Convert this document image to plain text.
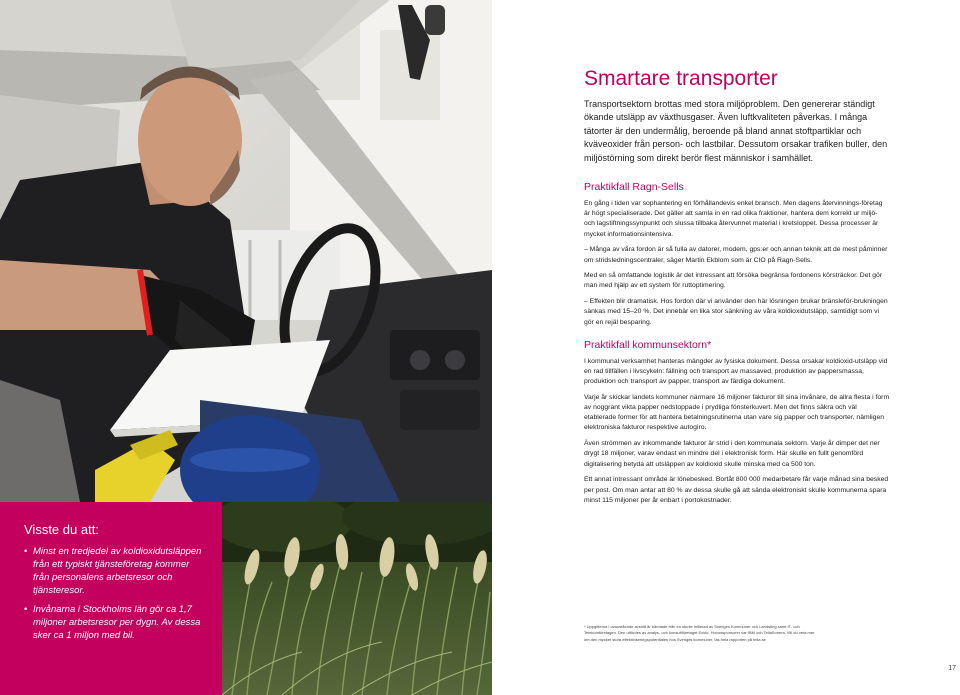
Visste du att:
• Minst en tredjedel av koldioxidutsläppen från ett typiskt tjänsteföretag kommer från personalens arbetsresor och tjänsteresor.
• Invånarna i Stockholms län gör ca 1,7 miljoner arbetsresor per dygn. Av dessa sker ca 1 miljon med bil.
Smartare transporter

Transportsektorn brottas med stora miljöproblem. Den genererar ständigt ökande utsläpp av växthusgaser. Även luftkvaliteten påverkas. I många tätorter är den undermålig, beroende på bland annat stoftpartiklar och kväveoxider från person- och lastbilar. Dessutom orsakar trafiken buller, den miljöstörning som direkt berör flest människor i samhället.

Praktikfall Ragn-Sells

En gång i tiden var sophantering en förhållandevis enkel bransch. Men dagens återvinnings-företag är högt specialiserade. Det gäller att samla in en rad olika fraktioner, hantera dem korrekt ur miljö- och lagstiftningssynpunkt och slussa tillbaka återvunnet material i kretsloppet. Dessa processer är mycket informationsintensiva.

– Många av våra fordon är så fulla av datorer, modem, gps:er och annan teknik att de mest påminner om stridsledningscentraler, säger Martin Ekblom som är CIO på Ragn-Sells.

Med en så omfattande logistik är det intressant att försöka begränsa fordonens körsträckor. Det gör man med hjälp av ett system för ruttoptimering.

– Effekten blir dramatisk. Hos fordon där vi använder den här lösningen brukar bränsleför-brukningen sänkas med 15–20 %. Det innebär en lika stor sänkning av våra koldioxidutsläpp, samtidigt som vi gör en rejäl besparing.

Praktikfall kommunsektorn*

I kommunal verksamhet hanteras mängder av fysiska dokument. Dessa orsakar koldioxid-utsläpp vid en rad tillfällen i livscykeln: fällning och transport av massaved, produktion av pappersmassa, produktion och transport av papper, transport av färdiga dokument.

Varje år skickar landets kommuner närmare 16 miljoner fakturor till sina invånare, de allra flesta i form av noggrant vikta papper nedstoppade i prydliga fönsterkuvert. Men det finns säkra och väl etablerade former för att hantera betalningsrutinerna utan vare sig papper och transporter, nämligen elektroniska fakturor respektive autogiro.

Även strömmen av inkommande fakturor är strid i den kommunala sektorn. Varje år dimper det ner drygt 18 miljoner, varav endast en mindre del i elektronisk form. Här skulle en fullt genomförd digitalisering betyda att utsläppen av koldioxid skulle minska med ca 500 ton.

Ett annat intressant område är lönebesked. Bortåt 800 000 medarbetare får varje månad sina besked per post. Om man antar att 80 % av dessa skulle gå att sända elektroniskt skulle kommunerna spara minst 115 miljoner per år enbart i portokostnader.

* Uppgifterna i ovanstående avsnitt är hämtade från en studie initierad av Sveriges Kommuner och Landsting samt IT- och Telekomföretagen. Den utfördes av analys- och konsultföretaget Exido. Huvudsponsorer var IBM och TeliaSonera. Vill du veta mer om den mycket stora effektiviseringspotentialen hos Sveriges kommuner, läs hela rapporten på telia.se
17
